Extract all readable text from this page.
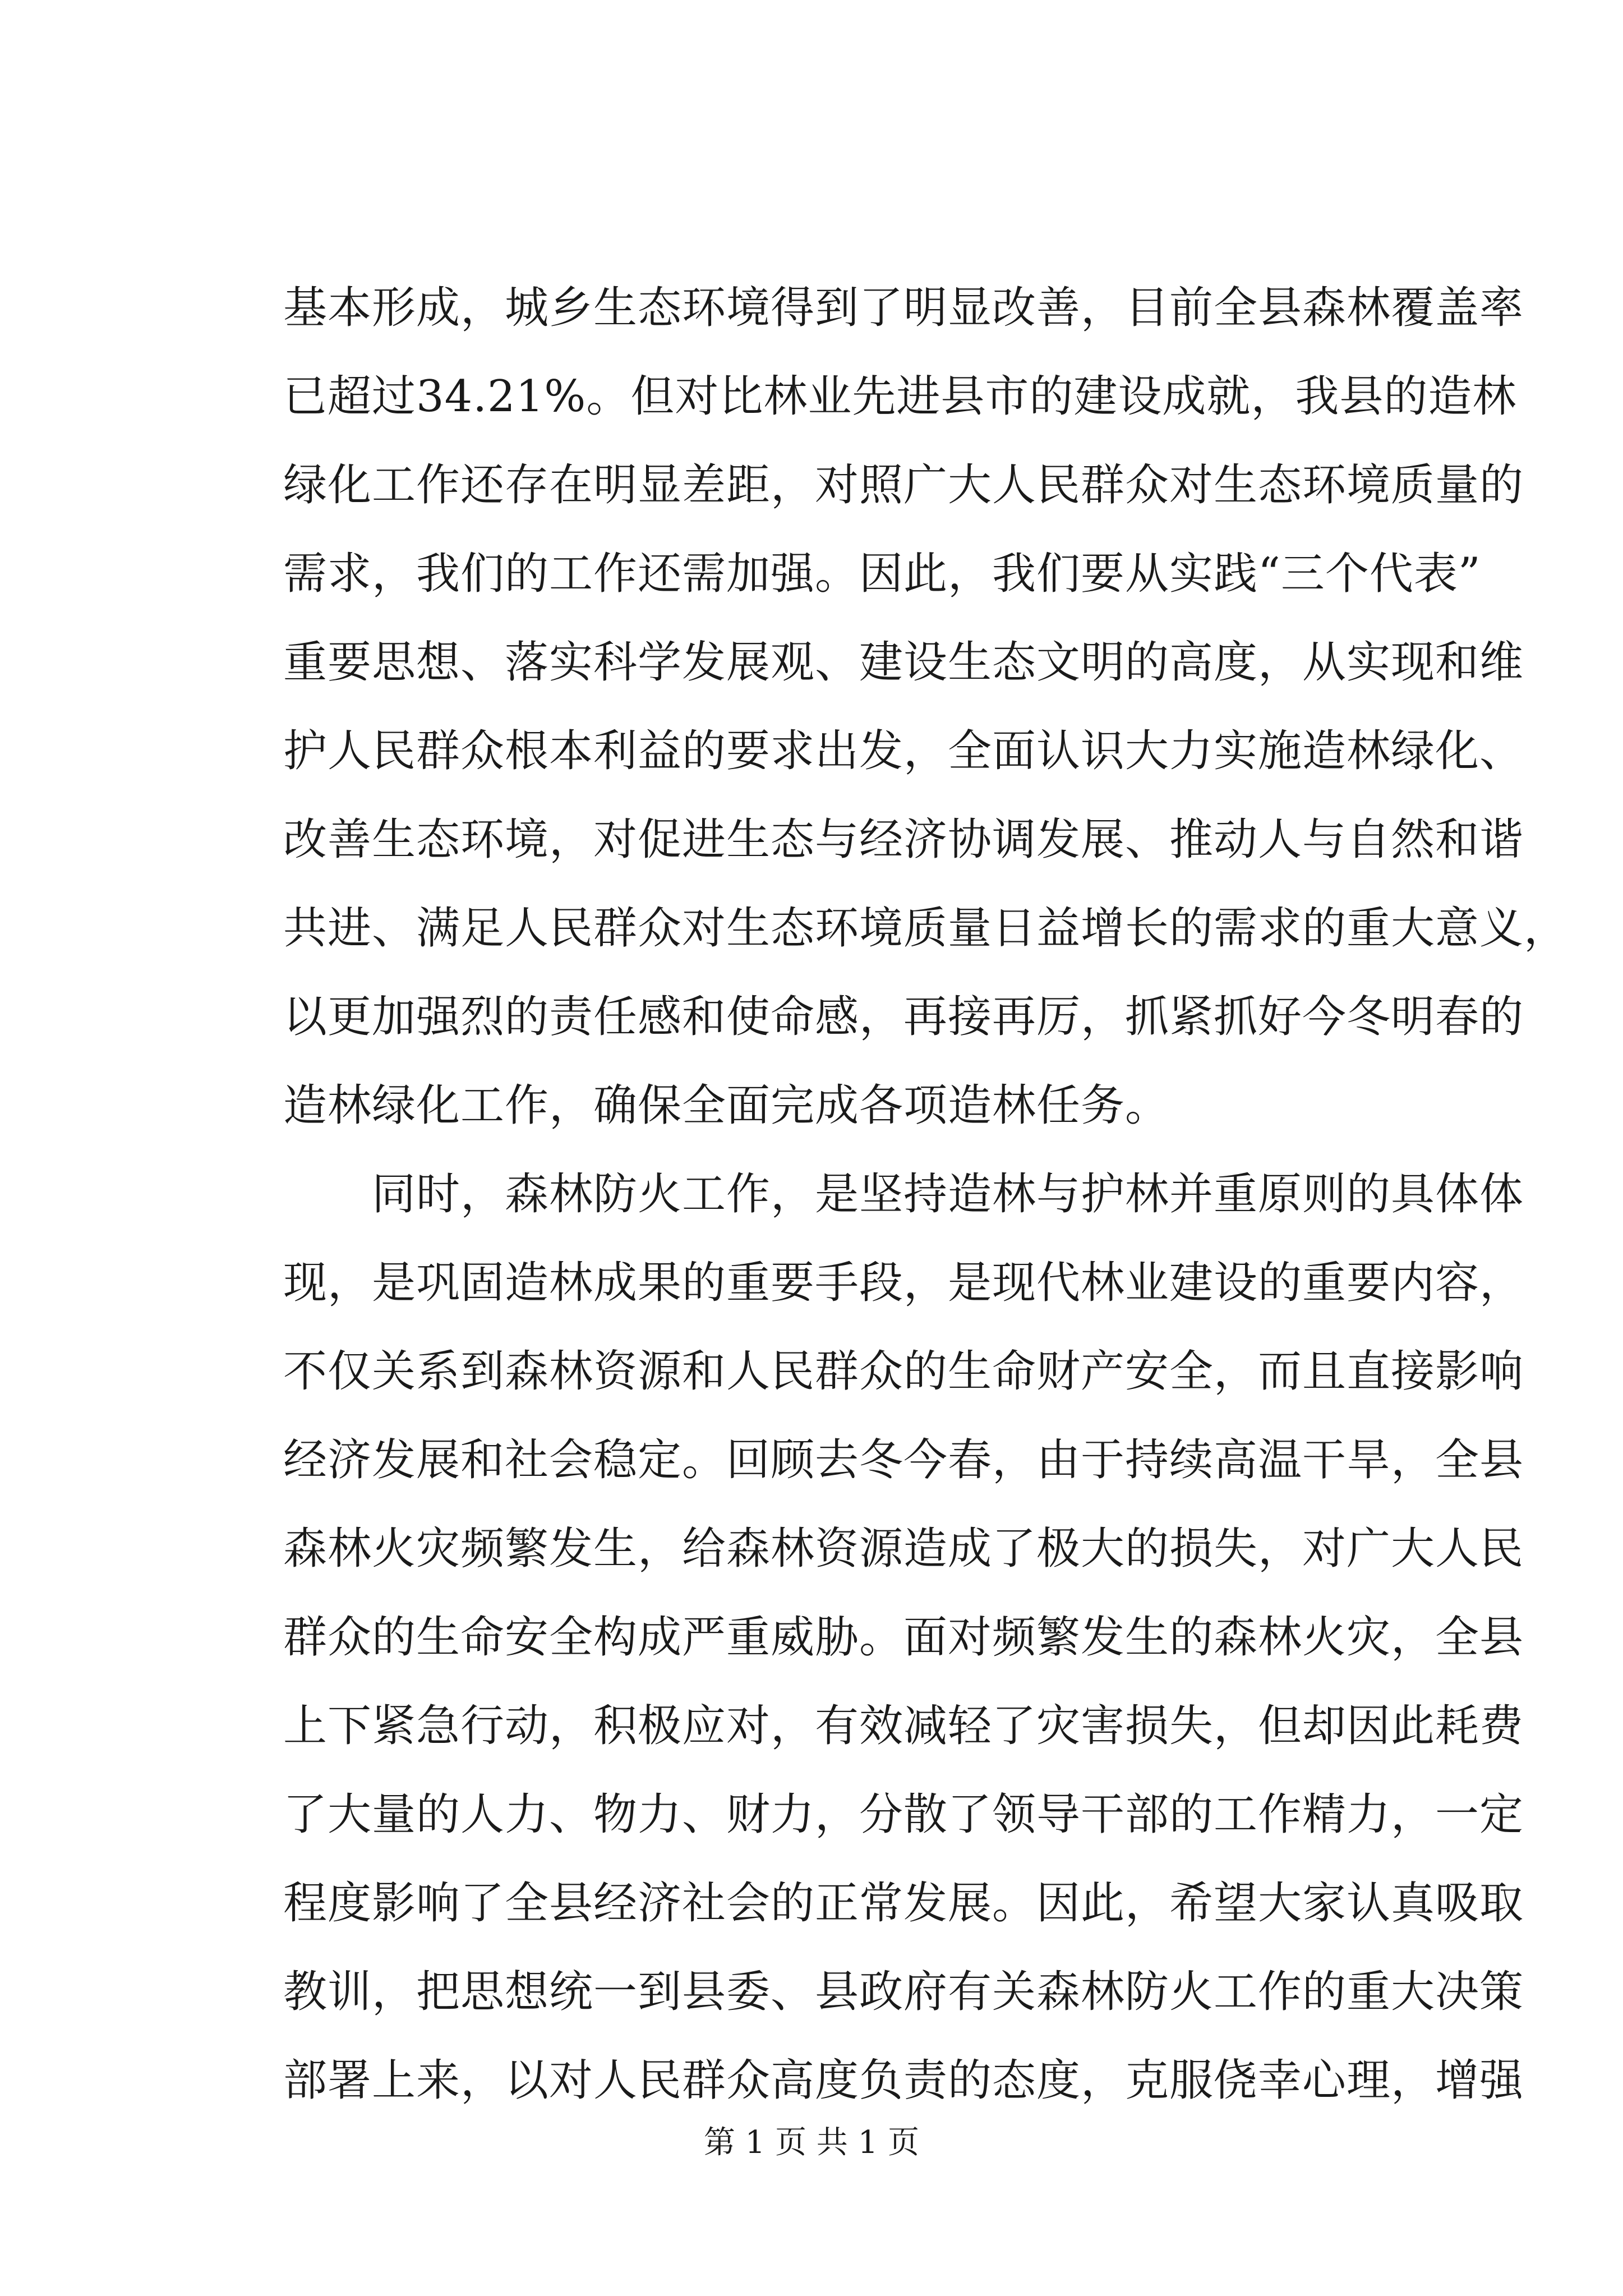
基本形成，城乡生态环境得到了明显改善，目前全县森林覆盖率
已超过34.21%。但对比林业先进县市的建设成就，我县的造林
绿化工作还存在明显差距，对照广大人民群众对生态环境质量的
需求，我们的工作还需加强。因此，我们要从实践“三个代表”
重要思想、落实科学发展观、建设生态文明的高度，从实现和维
护人民群众根本利益的要求出发，全面认识大力实施造林绿化、
改善生态环境，对促进生态与经济协调发展、推动人与自然和谐
共进、满足人民群众对生态环境质量日益增长的需求的重大意义，
以更加强烈的责任感和使命感，再接再厉，抓紧抓好今冬明春的
造林绿化工作，确保全面完成各项造林任务。
　　同时，森林防火工作，是坚持造林与护林并重原则的具体体
现，是巩固造林成果的重要手段，是现代林业建设的重要内容，
不仅关系到森林资源和人民群众的生命财产安全，而且直接影响
经济发展和社会稳定。回顾去冬今春，由于持续高温干旱，全县
森林火灾频繁发生，给森林资源造成了极大的损失，对广大人民
群众的生命安全构成严重威胁。面对频繁发生的森林火灾，全县
上下紧急行动，积极应对，有效减轻了灾害损失，但却因此耗费
了大量的人力、物力、财力，分散了领导干部的工作精力，一定
程度影响了全县经济社会的正常发展。因此，希望大家认真吸取
教训，把思想统一到县委、县政府有关森林防火工作的重大决策
部署上来，以对人民群众高度负责的态度，克服侥幸心理，增强
第 1 页 共 1 页
